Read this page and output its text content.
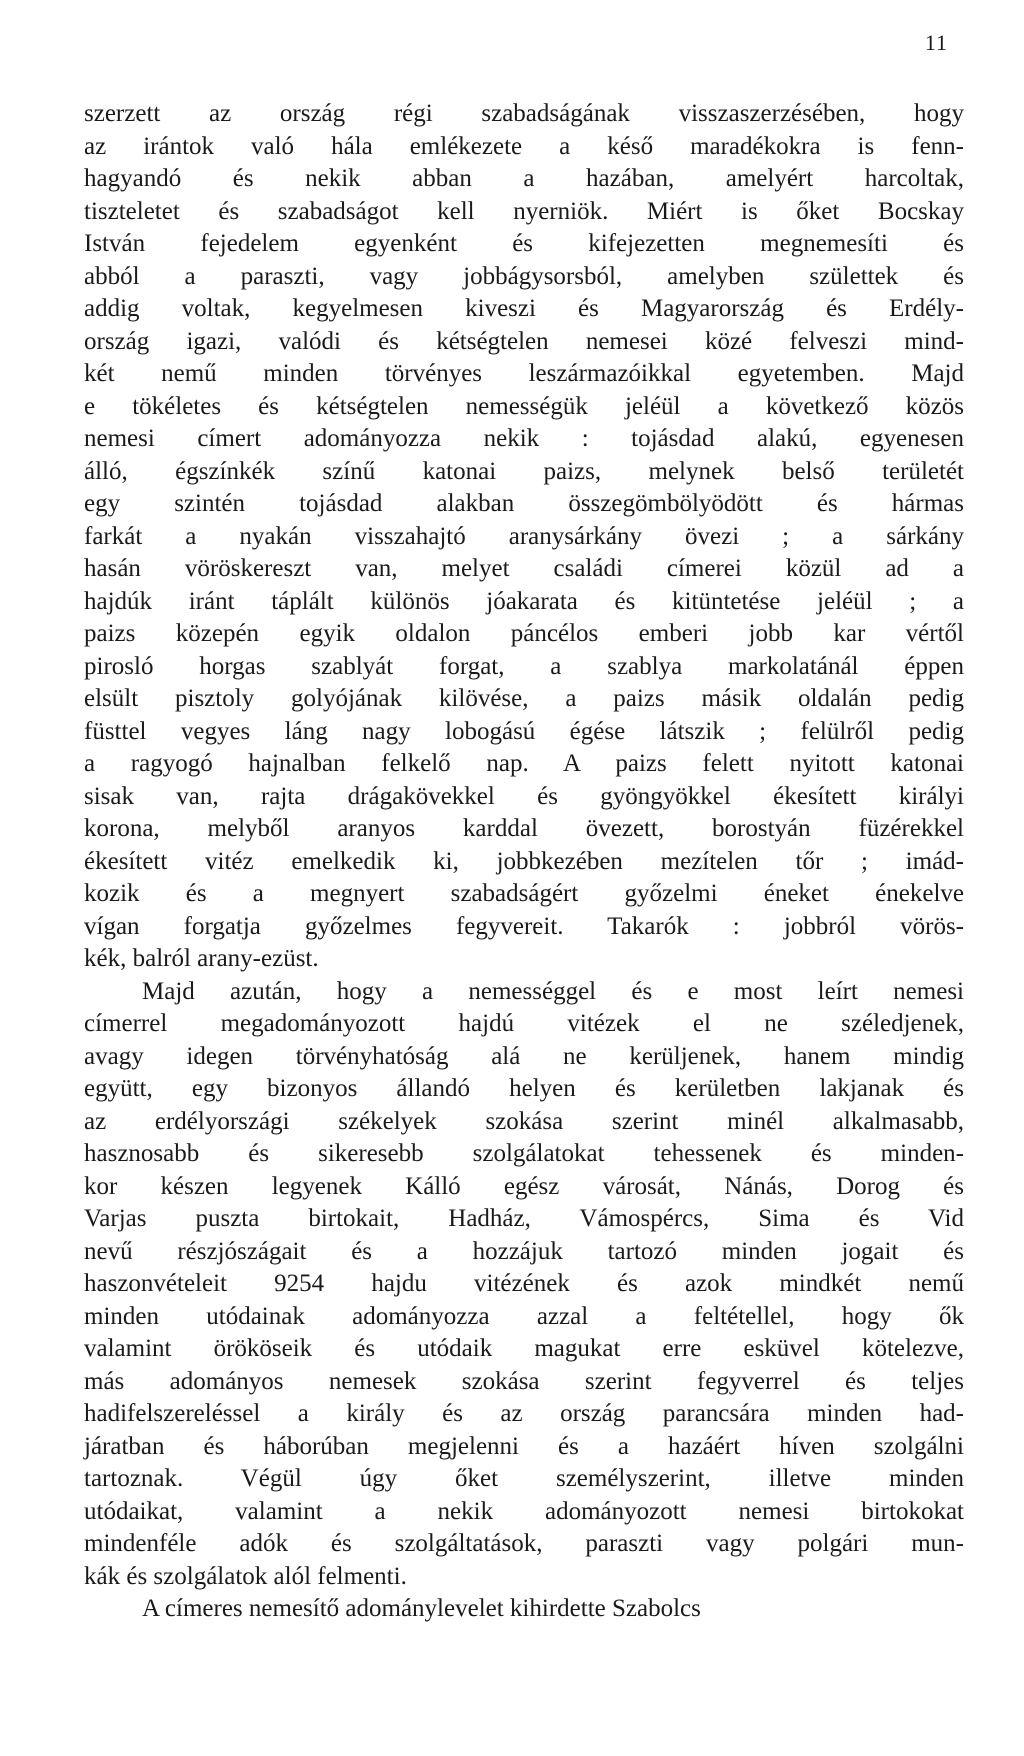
11
szerzett az ország régi szabadságának visszaszerzésében, hogy
az irántok való hála emlékezete a késő maradékokra is fenn-
hagyandó és nekik abban a hazában, amelyért harcoltak,
tiszteletet és szabadságot kell nyerniök. Miért is őket Bocskay
István fejedelem egyenként és kifejezetten megnemesíti és
abból a paraszti, vagy jobbágysorsból, amelyben születtek és
addig voltak, kegyelmesen kiveszi és Magyarország és Erdély-
ország igazi, valódi és kétségtelen nemesei közé felveszi mind-
két nemű minden törvényes leszármazóikkal egyetemben. Majd
e tökéletes és kétségtelen nemességük jeléül a következő közös
nemesi címert adományozza nekik : tojásdad alakú, egyenesen
álló, égszínkék színű katonai paizs, melynek belső területét
egy szintén tojásdad alakban összegömbölyödött és hármas
farkát a nyakán visszahajtó aranysárkány övezi ; a sárkány
hasán vöröskereszt van, melyet családi címerei közül ad a
hajdúk iránt táplált különös jóakarata és kitüntetése jeléül ; a
paizs közepén egyik oldalon páncélos emberi jobb kar vértől
pirosló horgas szablyát forgat, a szablya markolatánál éppen
elsült pisztoly golyójának kilövése, a paizs másik oldalán pedig
füsttel vegyes láng nagy lobogású égése látszik ; felülről pedig
a ragyogó hajnalban felkelő nap. A paizs felett nyitott katonai
sisak van, rajta drágakövekkel és gyöngyökkel ékesített királyi
korona, melyből aranyos karddal övezett, borostyán füzérekkel
ékesített vitéz emelkedik ki, jobbkezében mezítelen tőr ; imád-
kozik és a megnyert szabadságért győzelmi éneket énekelve
vígan forgatja győzelmes fegyvereit. Takarók : jobbról vörös-
kék, balról arany-ezüst.
Majd azután, hogy a nemességgel és e most leírt nemesi
címerrel megadományozott hajdú vitézek el ne széledjenek,
avagy idegen törvényhatóság alá ne kerüljenek, hanem mindig
együtt, egy bizonyos állandó helyen és kerületben lakjanak és
az erdélyországi székelyek szokása szerint minél alkalmasabb,
hasznosabb és sikeresebb szolgálatokat tehessenek és minden-
kor készen legyenek Kálló egész városát, Nánás, Dorog és
Varjas puszta birtokait, Hadház, Vámospércs, Sima és Vid
nevű részjószágait és a hozzájuk tartozó minden jogait és
haszonvételeit 9254 hajdu vitézének és azok mindkét nemű
minden utódainak adományozza azzal a feltétellel, hogy ők
valamint örököseik és utódaik magukat erre esküvel kötelezve,
más adományos nemesek szokása szerint fegyverrel és teljes
hadifelszereléssel a király és az ország parancsára minden had-
járatban és háborúban megjelenni és a hazáért híven szolgálni
tartoznak. Végül úgy őket személyszerint, illetve minden
utódaikat, valamint a nekik adományozott nemesi birtokokat
mindenféle adók és szolgáltatások, paraszti vagy polgári mun-
kák és szolgálatok alól felmenti.
A címeres nemesítő adománylevelet kihirdette Szabolcs
